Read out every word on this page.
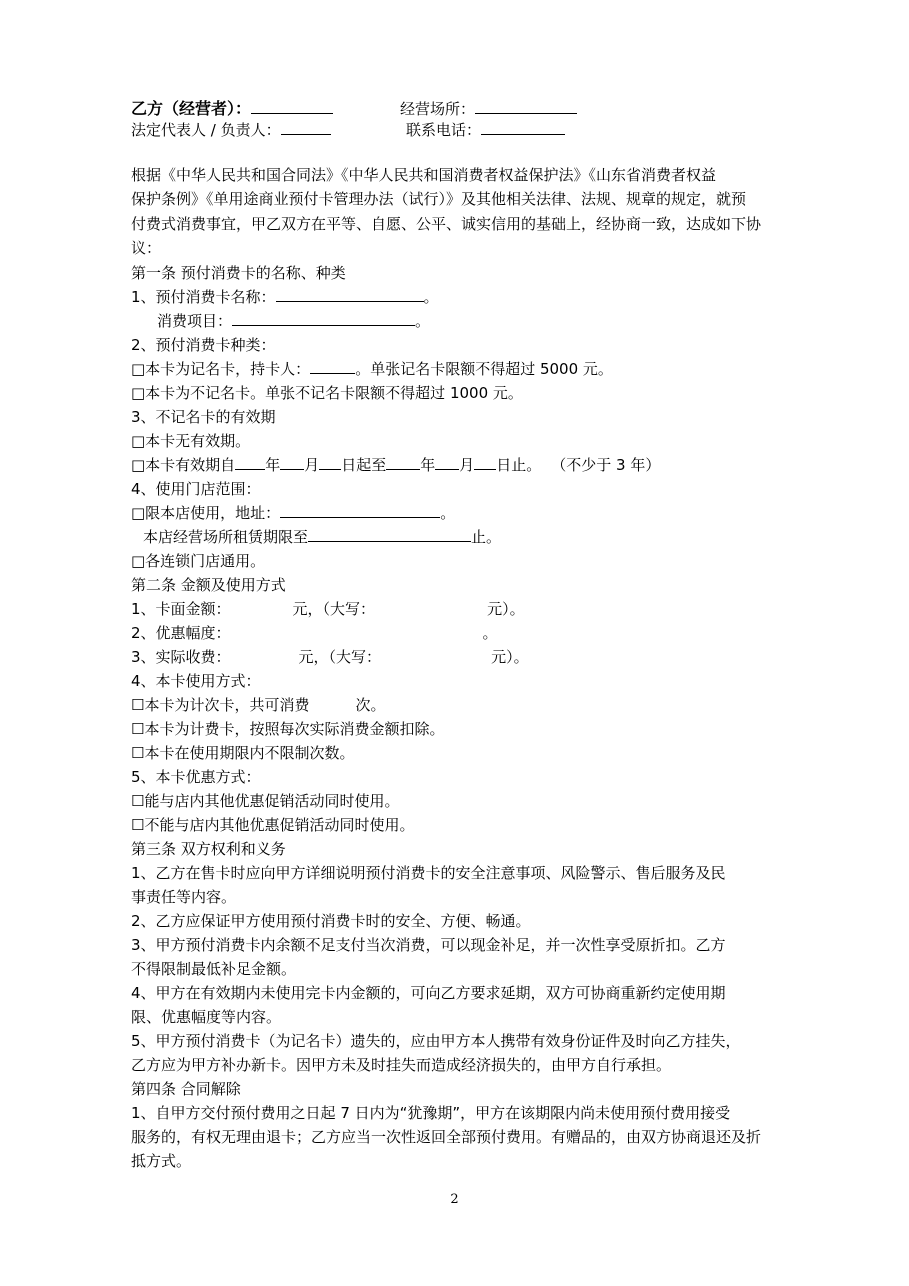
乙方（经营者）：	经营场所：
法定代表人 / 负责人：	联系电话：
根据《中华人民共和国合同法》《中华人民共和国消费者权益保护法》《山东省消费者权益
保护条例》《单用途商业预付卡管理办法（试行）》及其他相关法律、法规、规章的规定，就预
付费式消费事宜，甲乙双方在平等、自愿、公平、诚实信用的基础上，经协商一致，达成如下协
议：
第一条 预付消费卡的名称、种类
1、预付消费卡名称：	。
消费项目：	。
2、预付消费卡种类：
□本卡为记名卡，持卡人：	。单张记名卡限额不得超过 5000 元。
□本卡为不记名卡。单张不记名卡限额不得超过 1000 元。
3、不记名卡的有效期
□本卡无有效期。
□本卡有效期自 年 月 日起至 年 月 日止。 （不少于 3 年）
4、使用门店范围：
□限本店使用，地址：	。
本店经营场所租赁期限至	止。
□各连锁门店通用。
第二条 金额及使用方式
1、卡面金额：	元，（大写：	元）。
2、优惠幅度：	。
3、实际收费：	元，（大写：	元）。
4、本卡使用方式：
☐本卡为计次卡，共可消费	次。
☐本卡为计费卡，按照每次实际消费金额扣除。
☐本卡在使用期限内不限制次数。
5、本卡优惠方式：
☐能与店内其他优惠促销活动同时使用。
☐不能与店内其他优惠促销活动同时使用。
第三条 双方权利和义务
1、乙方在售卡时应向甲方详细说明预付消费卡的安全注意事项、风险警示、售后服务及民
事责任等内容。
2、乙方应保证甲方使用预付消费卡时的安全、方便、畅通。
3、甲方预付消费卡内余额不足支付当次消费，可以现金补足，并一次性享受原折扣。乙方
不得限制最低补足金额。
4、甲方在有效期内未使用完卡内金额的，可向乙方要求延期，双方可协商重新约定使用期
限、优惠幅度等内容。
5、甲方预付消费卡（为记名卡）遗失的，应由甲方本人携带有效身份证件及时向乙方挂失，
乙方应为甲方补办新卡。因甲方未及时挂失而造成经济损失的，由甲方自行承担。
第四条 合同解除
1、自甲方交付预付费用之日起 7 日内为“犹豫期”，甲方在该期限内尚未使用预付费用接受
服务的，有权无理由退卡；乙方应当一次性返回全部预付费用。有赠品的，由双方协商退还及折
抵方式。
2
